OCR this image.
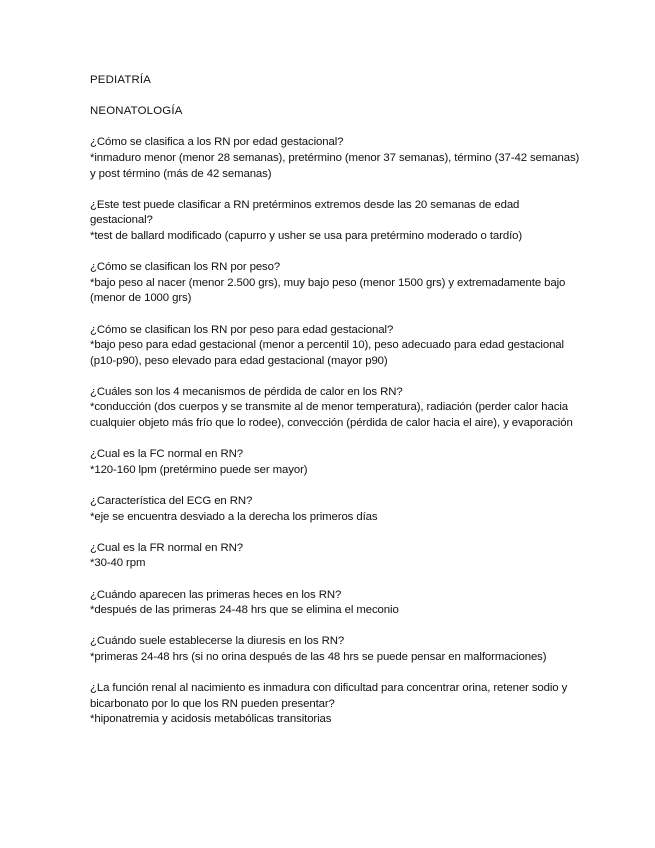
PEDIATRÍA
NEONATOLOGÍA
¿Cómo se clasifica a los RN por edad gestacional?
*inmaduro menor (menor 28 semanas), pretérmino (menor 37 semanas), término (37-42 semanas) y post término (más de 42 semanas)
¿Este test puede clasificar a RN pretérminos extremos desde las 20 semanas de edad gestacional?
*test de ballard modificado (capurro y usher se usa para pretérmino moderado o tardío)
¿Cómo se clasifican los RN por peso?
*bajo peso al nacer (menor 2.500 grs), muy bajo peso (menor 1500 grs) y extremadamente bajo (menor de 1000 grs)
¿Cómo se clasifican los RN por peso para edad gestacional?
*bajo peso para edad gestacional (menor a percentil 10), peso adecuado para edad gestacional (p10-p90), peso elevado para edad gestacional (mayor p90)
¿Cuáles son los 4 mecanismos de pérdida de calor en los RN?
*conducción (dos cuerpos y se transmite al de menor temperatura), radiación (perder calor hacia cualquier objeto más frío que lo rodee), convección (pérdida de calor hacia el aire), y evaporación
¿Cual es la FC normal en RN?
*120-160 lpm (pretérmino puede ser mayor)
¿Característica del ECG en RN?
*eje se encuentra desviado a la derecha los primeros días
¿Cual es la FR normal en RN?
*30-40 rpm
¿Cuándo aparecen las primeras heces en los RN?
*después de las primeras 24-48 hrs que se elimina el meconio
¿Cuándo suele establecerse la diuresis en los RN?
*primeras 24-48 hrs (si no orina después de las 48 hrs se puede pensar en malformaciones)
¿La función renal al nacimiento es inmadura con dificultad para concentrar orina, retener sodio y bicarbonato por lo que los RN pueden presentar?
*hiponatremia y acidosis metabólicas transitorias
